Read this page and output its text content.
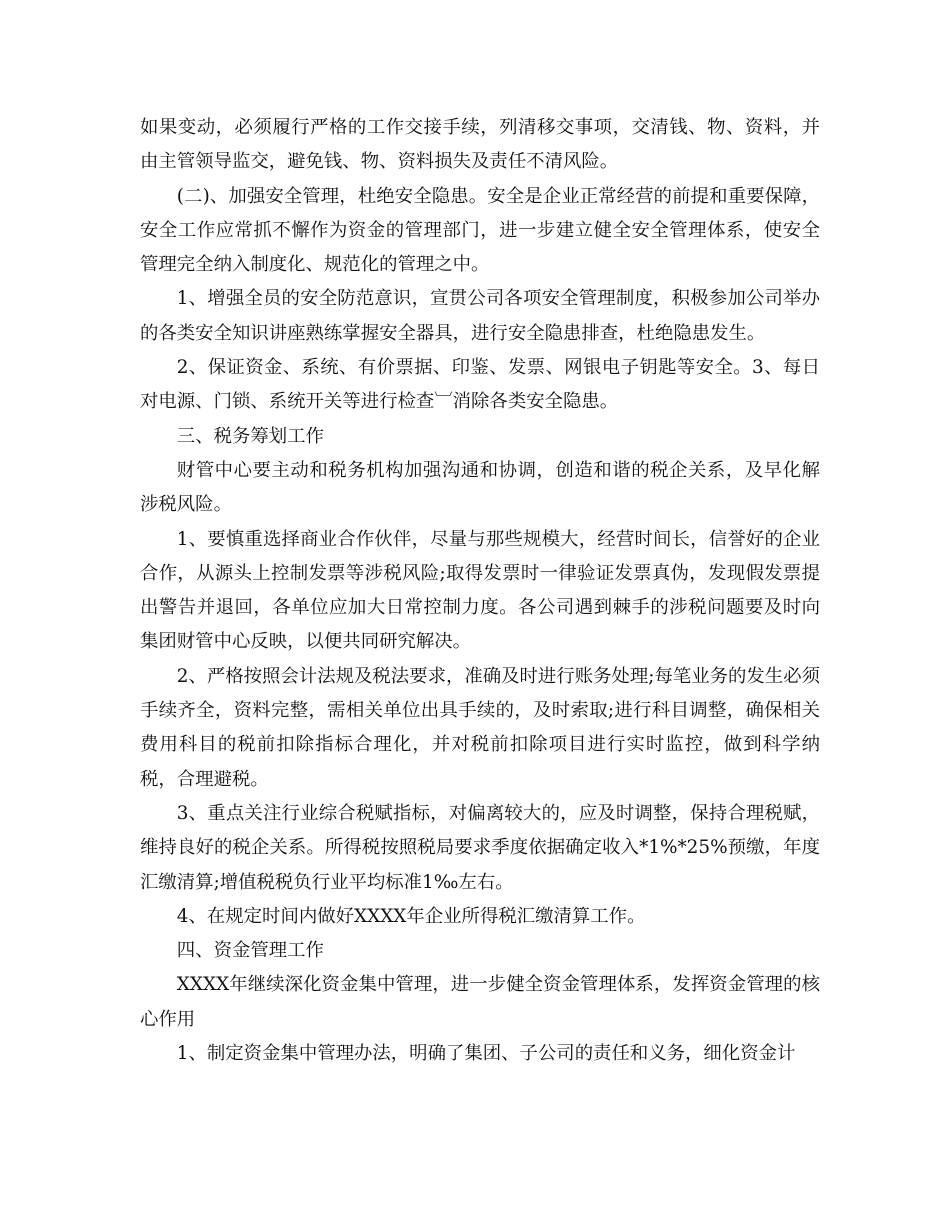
如果变动，必须履行严格的工作交接手续，列清移交事项，交清钱、物、资料，并由主管领导监交，避免钱、物、资料损失及责任不清风险。

(二)、加强安全管理，杜绝安全隐患。安全是企业正常经营的前提和重要保障，安全工作应常抓不懈作为资金的管理部门，进一步建立健全安全管理体系，使安全管理完全纳入制度化、规范化的管理之中。

1、增强全员的安全防范意识，宣贯公司各项安全管理制度，积极参加公司举办的各类安全知识讲座熟练掌握安全器具，进行安全隐患排查，杜绝隐患发生。

2、保证资金、系统、有价票据、印鉴、发票、网银电子钥匙等安全。3、每日对电源、门锁、系统开关等进行检查︺消除各类安全隐患。

三、税务筹划工作

财管中心要主动和税务机构加强沟通和协调，创造和谐的税企关系，及早化解涉税风险。

1、要慎重选择商业合作伙伴，尽量与那些规模大，经营时间长，信誉好的企业合作，从源头上控制发票等涉税风险;取得发票时一律验证发票真伪，发现假发票提出警告并退回，各单位应加大日常控制力度。各公司遇到棘手的涉税问题要及时向集团财管中心反映，以便共同研究解决。

2、严格按照会计法规及税法要求，准确及时进行账务处理;每笔业务的发生必须手续齐全，资料完整，需相关单位出具手续的，及时索取;进行科目调整，确保相关费用科目的税前扣除指标合理化，并对税前扣除项目进行实时监控，做到科学纳税，合理避税。

3、重点关注行业综合税赋指标，对偏离较大的，应及时调整，保持合理税赋，维持良好的税企关系。所得税按照税局要求季度依据确定收入*1%*25%预缴，年度汇缴清算;增值税税负行业平均标准1‰左右。

4、在规定时间内做好XXXX年企业所得税汇缴清算工作。

四、资金管理工作

XXXX年继续深化资金集中管理，进一步健全资金管理体系，发挥资金管理的核心作用

1、制定资金集中管理办法，明确了集团、子公司的责任和义务，细化资金计
